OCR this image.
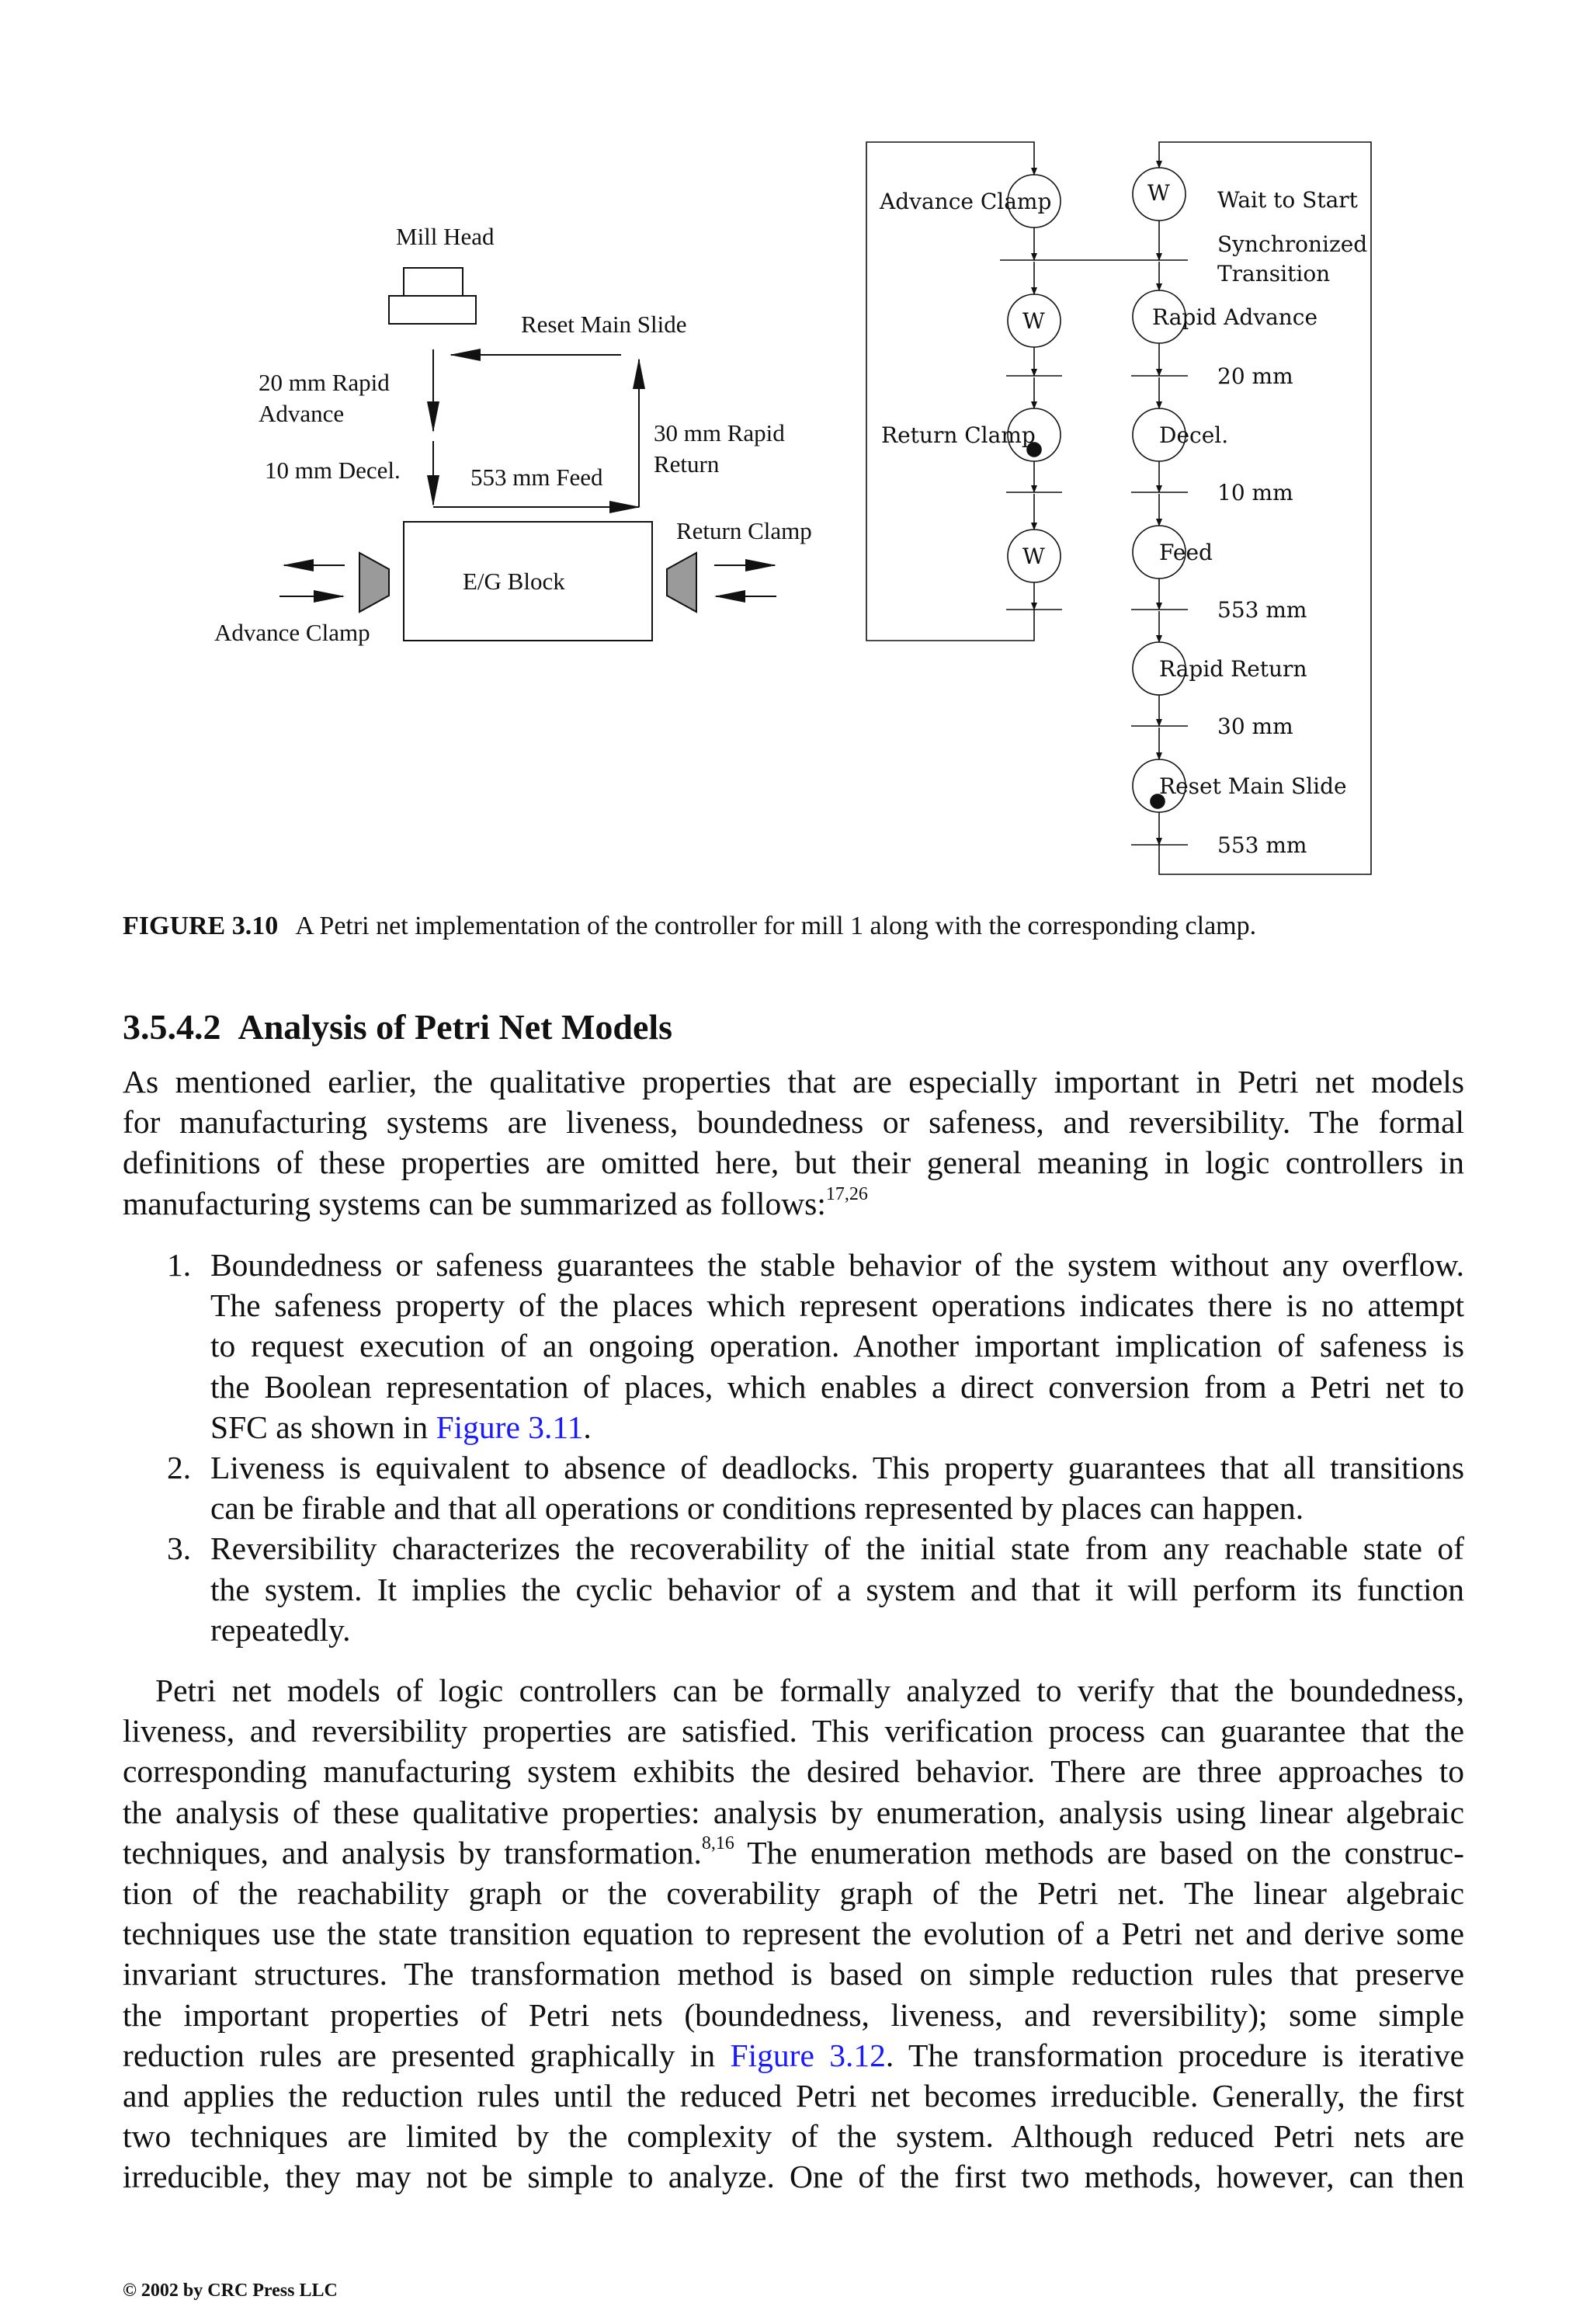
Mill Head
Reset Main Slide
20 mm Rapid
Advance
10 mm Decel.	553 mm Feed
30 mm Rapid
Return
Return Clamp
E/G Block
Advance Clamp
Advance Clamp	W Wait to Start
Synchronized
Transition
W	Rapid Advance
20 mm
Return Clamp	Decel.
10 mm
W	Feed
553 mm
Rapid Return
30 mm
Reset Main Slide
553 mm
FIGURE 3.10 A Petri net implementation of the controller for mill 1 along with the corresponding clamp.
3.5.4.2 Analysis of Petri Net Models
As mentioned earlier, the qualitative properties that are especially important in Petri net models
for manufacturing systems are liveness, boundedness or safeness, and reversibility. The formal
definitions of these properties are omitted here, but their general meaning in logic controllers in
manufacturing systems can be summarized as follows:$^{17,26}$
1. Boundedness or safeness guarantees the stable behavior of the system without any overflow.
The safeness property of the places which represent operations indicates there is no attempt
to request execution of an ongoing operation. Another important implication of safeness is
the Boolean representation of places, which enables a direct conversion from a Petri net to
SFC as shown in Figure 3.11.
2. Liveness is equivalent to absence of deadlocks. This property guarantees that all transitions
can be firable and that all operations or conditions represented by places can happen.
3. Reversibility characterizes the recoverability of the initial state from any reachable state of
the system. It implies the cyclic behavior of a system and that it will perform its function
repeatedly.
Petri net models of logic controllers can be formally analyzed to verify that the boundedness,
liveness, and reversibility properties are satisfied. This verification process can guarantee that the
corresponding manufacturing system exhibits the desired behavior. There are three approaches to
the analysis of these qualitative properties: analysis by enumeration, analysis using linear algebraic
techniques, and analysis by transformation.$^{8,16}$ The enumeration methods are based on the construc-
tion of the reachability graph or the coverability graph of the Petri net. The linear algebraic
techniques use the state transition equation to represent the evolution of a Petri net and derive some
invariant structures. The transformation method is based on simple reduction rules that preserve
the important properties of Petri nets (boundedness, liveness, and reversibility); some simple
reduction rules are presented graphically in Figure 3.12. The transformation procedure is iterative
and applies the reduction rules until the reduced Petri net becomes irreducible. Generally, the first
two techniques are limited by the complexity of the system. Although reduced Petri nets are
irreducible, they may not be simple to analyze. One of the first two methods, however, can then
© 2002 by CRC Press LLC
